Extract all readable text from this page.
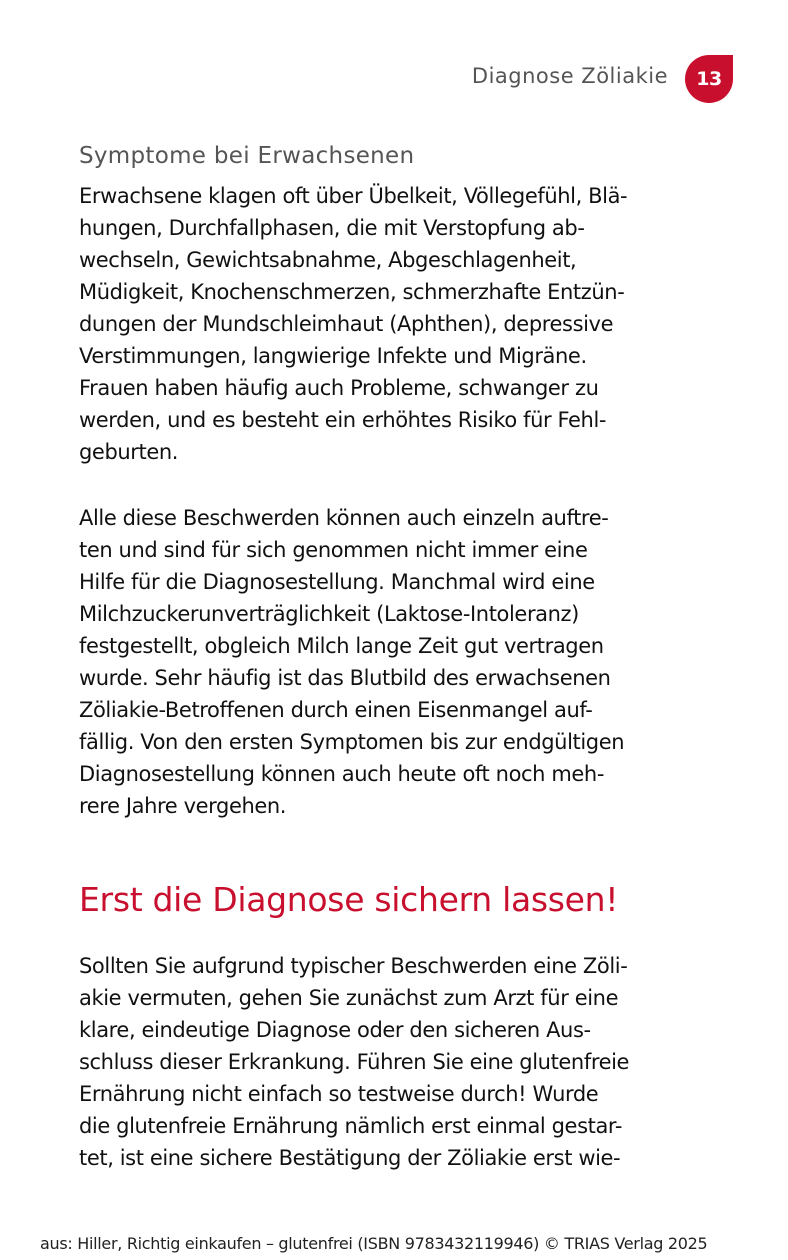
Diagnose Zöliakie 13
Symptome bei Erwachsenen

Erwachsene klagen oft über Übelkeit, Völlegefühl, Blä-
hungen, Durchfallphasen, die mit Verstopfung ab-
wechseln, Gewichtsabnahme, Abgeschlagenheit,
Müdigkeit, Knochenschmerzen, schmerzhafte Entzün-
dungen der Mundschleimhaut (Aphthen), depressive
Verstimmungen, langwierige Infekte und Migräne.
Frauen haben häufig auch Probleme, schwanger zu
werden, und es besteht ein erhöhtes Risiko für Fehl-
geburten.

Alle diese Beschwerden können auch einzeln auftre-
ten und sind für sich genommen nicht immer eine
Hilfe für die Diagnosestellung. Manchmal wird eine
Milchzuckerunverträglichkeit (Laktose-Intoleranz)
festgestellt, obgleich Milch lange Zeit gut vertragen
wurde. Sehr häufig ist das Blutbild des erwachsenen
Zöliakie-Betroffenen durch einen Eisenmangel auf-
fällig. Von den ersten Symptomen bis zur endgültigen
Diagnosestellung können auch heute oft noch meh-
rere Jahre vergehen.

Erst die Diagnose sichern lassen!

Sollten Sie aufgrund typischer Beschwerden eine Zöli-
akie vermuten, gehen Sie zunächst zum Arzt für eine
klare, eindeutige Diagnose oder den sicheren Aus-
schluss dieser Erkrankung. Führen Sie eine glutenfreie
Ernährung nicht einfach so testweise durch! Wurde
die glutenfreie Ernährung nämlich erst einmal gestar-
tet, ist eine sichere Bestätigung der Zöliakie erst wie-

aus: Hiller, Richtig einkaufen – glutenfrei (ISBN 9783432119946) © TRIAS Verlag 2025
